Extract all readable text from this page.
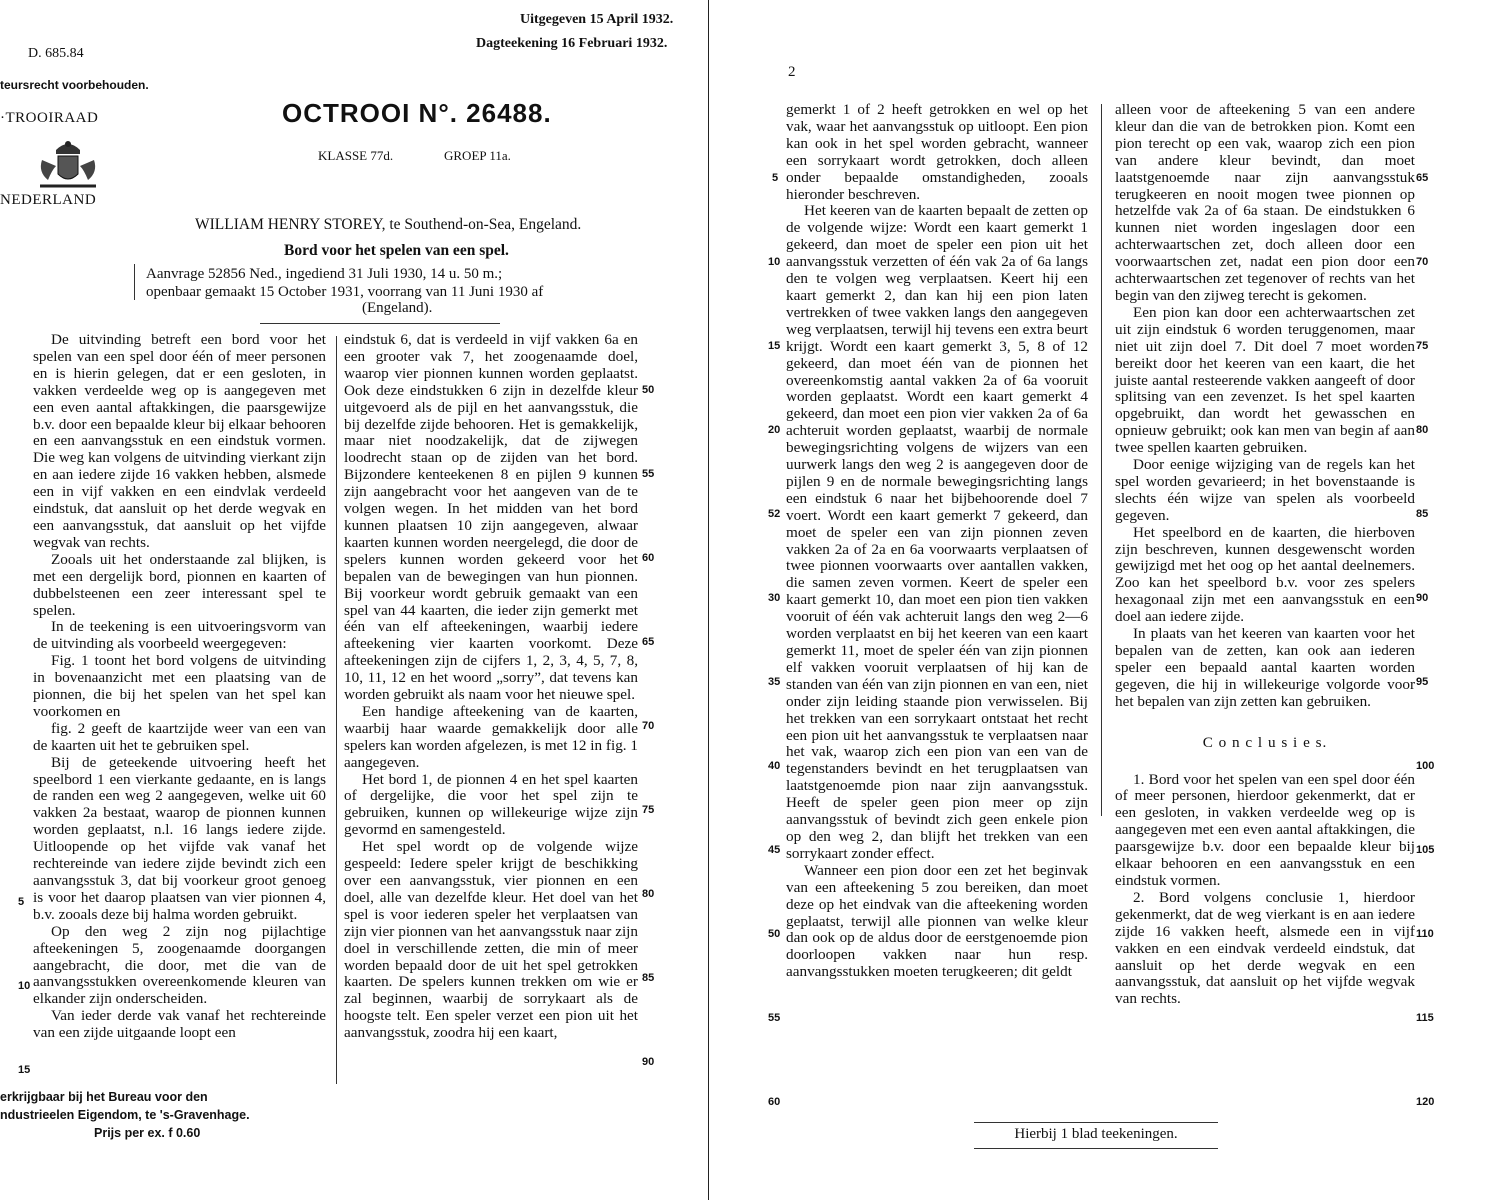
Uitgegeven 15 April 1932.
Dagteekening 16 Februari 1932.
D. 685.84
teursrecht voorbehouden.
·TROOIRAAD
NEDERLAND
OCTROOI N°. 26488.
KLASSE 77d.	GROEP 11a.
WILLIAM HENRY STOREY, te Southend-on-Sea, Engeland.
Bord voor het spelen van een spel.
Aanvrage 52856 Ned., ingediend 31 Juli 1930, 14 u. 50 m.;
openbaar gemaakt 15 October 1931, voorrang van 11 Juni 1930 af
(Engeland).

De uitvinding betreft een bord voor het spelen van een spel door één of meer personen en is hierin gelegen, dat er een gesloten, in vakken verdeelde weg op is aangegeven met een even aantal aftakkingen, die paarsgewijze b.v. door een bepaalde kleur bij elkaar behooren en een aanvangsstuk en een eindstuk vormen. Die weg kan volgens de uitvinding vierkant zijn en aan iedere zijde 16 vakken hebben, alsmede een in vijf vakken en een eindvlak verdeeld eindstuk, dat aansluit op het derde wegvak en een aanvangsstuk, dat aansluit op het vijfde wegvak van rechts.

Zooals uit het onderstaande zal blijken, is met een dergelijk bord, pionnen en kaarten of dubbelsteenen een zeer interessant spel te spelen.

In de teekening is een uitvoeringsvorm van de uitvinding als voorbeeld weergegeven:

Fig. 1 toont het bord volgens de uitvinding in bovenaanzicht met een plaatsing van de pionnen, die bij het spelen van het spel kan voorkomen en

fig. 2 geeft de kaartzijde weer van een van de kaarten uit het te gebruiken spel.

Bij de geteekende uitvoering heeft het speelbord 1 een vierkante gedaante, en is langs de randen een weg 2 aangegeven, welke uit 60 vakken 2a bestaat, waarop de pionnen kunnen worden geplaatst, n.l. 16 langs iedere zijde. Uitloopende op het vijfde vak vanaf het rechtereinde van iedere zijde bevindt zich een aanvangsstuk 3, dat bij voorkeur groot genoeg is voor het daarop plaatsen van vier pionnen 4, b.v. zooals deze bij halma worden gebruikt.

Op den weg 2 zijn nog pijlachtige afteekeningen 5, zoogenaamde doorgangen aangebracht, die door, met die van de aanvangsstukken overeenkomende kleuren van elkander zijn onderscheiden.

Van ieder derde vak vanaf het rechtereinde van een zijde uitgaande loopt een

5
10
15

eindstuk 6, dat is verdeeld in vijf vakken 6a en een grooter vak 7, het zoogenaamde doel, waarop vier pionnen kunnen worden geplaatst. Ook deze eindstukken 6 zijn in dezelfde kleur uitgevoerd als de pijl en het aanvangsstuk, die bij dezelfde zijde behooren. Het is gemakkelijk, maar niet noodzakelijk, dat de zijwegen loodrecht staan op de zijden van het bord. Bijzondere kenteekenen 8 en pijlen 9 kunnen zijn aangebracht voor het aangeven van de te volgen wegen. In het midden van het bord kunnen plaatsen 10 zijn aangegeven, alwaar kaarten kunnen worden neergelegd, die door de spelers kunnen worden gekeerd voor het bepalen van de bewegingen van hun pionnen. Bij voorkeur wordt gebruik gemaakt van een spel van 44 kaarten, die ieder zijn gemerkt met één van elf afteekeningen, waarbij iedere afteekening vier kaarten voorkomt. Deze afteekeningen zijn de cijfers 1, 2, 3, 4, 5, 7, 8, 10, 11, 12 en het woord „sorry”, dat tevens kan worden gebruikt als naam voor het nieuwe spel.

Een handige afteekening van de kaarten, waarbij haar waarde gemakkelijk door alle spelers kan worden afgelezen, is met 12 in fig. 1 aangegeven.

Het bord 1, de pionnen 4 en het spel kaarten of dergelijke, die voor het spel zijn te gebruiken, kunnen op willekeurige wijze zijn gevormd en samengesteld.

Het spel wordt op de volgende wijze gespeeld: Iedere speler krijgt de beschikking over een aanvangsstuk, vier pionnen en een doel, alle van dezelfde kleur. Het doel van het spel is voor iederen speler het verplaatsen van zijn vier pionnen van het aanvangsstuk naar zijn doel in verschillende zetten, die min of meer worden bepaald door de uit het spel getrokken kaarten. De spelers kunnen trekken om wie er zal beginnen, waarbij de sorrykaart als de hoogste telt. Een speler verzet een pion uit het aanvangsstuk, zoodra hij een kaart,

50
55
60
65
70
75
80
85
90
erkrijgbaar bij het Bureau voor den
ndustrieelen Eigendom, te 's-Gravenhage.
Prijs per ex. f 0.60
2

gemerkt 1 of 2 heeft getrokken en wel op het vak, waar het aanvangsstuk op uitloopt. Een pion kan ook in het spel worden gebracht, wanneer een sorrykaart wordt getrokken, doch alleen onder bepaalde omstandigheden, zooals hieronder beschreven.

Het keeren van de kaarten bepaalt de zetten op de volgende wijze: Wordt een kaart gemerkt 1 gekeerd, dan moet de speler een pion uit het aanvangsstuk verzetten of één vak 2a of 6a langs den te volgen weg verplaatsen. Keert hij een kaart gemerkt 2, dan kan hij een pion laten vertrekken of twee vakken langs den aangegeven weg verplaatsen, terwijl hij tevens een extra beurt krijgt. Wordt een kaart gemerkt 3, 5, 8 of 12 gekeerd, dan moet één van de pionnen het overeenkomstig aantal vakken 2a of 6a vooruit worden geplaatst. Wordt een kaart gemerkt 4 gekeerd, dan moet een pion vier vakken 2a of 6a achteruit worden geplaatst, waarbij de normale bewegingsrichting volgens de wijzers van een uurwerk langs den weg 2 is aangegeven door de pijlen 9 en de normale bewegingsrichting langs een eindstuk 6 naar het bijbehoorende doel 7 voert. Wordt een kaart gemerkt 7 gekeerd, dan moet de speler een van zijn pionnen zeven vakken 2a of 2a en 6a voorwaarts verplaatsen of twee pionnen voorwaarts over aantallen vakken, die samen zeven vormen. Keert de speler een kaart gemerkt 10, dan moet een pion tien vakken vooruit of één vak achteruit langs den weg 2—6 worden verplaatst en bij het keeren van een kaart gemerkt 11, moet de speler één van zijn pionnen elf vakken vooruit verplaatsen of hij kan de standen van één van zijn pionnen en van een, niet onder zijn leiding staande pion verwisselen. Bij het trekken van een sorrykaart ontstaat het recht een pion uit het aanvangsstuk te verplaatsen naar het vak, waarop zich een pion van een van de tegenstanders bevindt en het terugplaatsen van laatstgenoemde pion naar zijn aanvangsstuk. Heeft de speler geen pion meer op zijn aanvangsstuk of bevindt zich geen enkele pion op den weg 2, dan blijft het trekken van een sorrykaart zonder effect.

Wanneer een pion door een zet het beginvak van een afteekening 5 zou bereiken, dan moet deze op het eindvak van die afteekening worden geplaatst, terwijl alle pionnen van welke kleur dan ook op de aldus door de eerstgenoemde pion doorloopen vakken naar hun resp. aanvangsstukken moeten terugkeeren; dit geldt

5
10
15
20
52
30
35
40
45
50
55
60

alleen voor de afteekening 5 van een andere kleur dan die van de betrokken pion. Komt een pion terecht op een vak, waarop zich een pion van andere kleur bevindt, dan moet laatstgenoemde naar zijn aanvangsstuk terugkeeren en nooit mogen twee pionnen op hetzelfde vak 2a of 6a staan. De eindstukken 6 kunnen niet worden ingeslagen door een achterwaartschen zet, doch alleen door een voorwaartschen zet, nadat een pion door een achterwaartschen zet tegenover of rechts van het begin van den zijweg terecht is gekomen.

Een pion kan door een achterwaartschen zet uit zijn eindstuk 6 worden teruggenomen, maar niet uit zijn doel 7. Dit doel 7 moet worden bereikt door het keeren van een kaart, die het juiste aantal resteerende vakken aangeeft of door splitsing van een zevenzet. Is het spel kaarten opgebruikt, dan wordt het gewasschen en opnieuw gebruikt; ook kan men van begin af aan twee spellen kaarten gebruiken.

Door eenige wijziging van de regels kan het spel worden gevarieerd; in het bovenstaande is slechts één wijze van spelen als voorbeeld gegeven.

Het speelbord en de kaarten, die hierboven zijn beschreven, kunnen desgewenscht worden gewijzigd met het oog op het aantal deelnemers. Zoo kan het speelbord b.v. voor zes spelers hexagonaal zijn met een aanvangsstuk en een doel aan iedere zijde.

In plaats van het keeren van kaarten voor het bepalen van de zetten, kan ook aan iederen speler een bepaald aantal kaarten worden gegeven, die hij in willekeurige volgorde voor het bepalen van zijn zetten kan gebruiken.

C o n c l u s i e s.

1. Bord voor het spelen van een spel door één of meer personen, hierdoor gekenmerkt, dat er een gesloten, in vakken verdeelde weg op is aangegeven met een even aantal aftakkingen, die paarsgewijze b.v. door een bepaalde kleur bij elkaar behooren en een aanvangsstuk en een eindstuk vormen.

2. Bord volgens conclusie 1, hierdoor gekenmerkt, dat de weg vierkant is en aan iedere zijde 16 vakken heeft, alsmede een in vijf vakken en een eindvak verdeeld eindstuk, dat aansluit op het derde wegvak en een aanvangsstuk, dat aansluit op het vijfde wegvak van rechts.

65
70
75
80
85
90
95
100
105
110
115
120
Hierbij 1 blad teekeningen.
